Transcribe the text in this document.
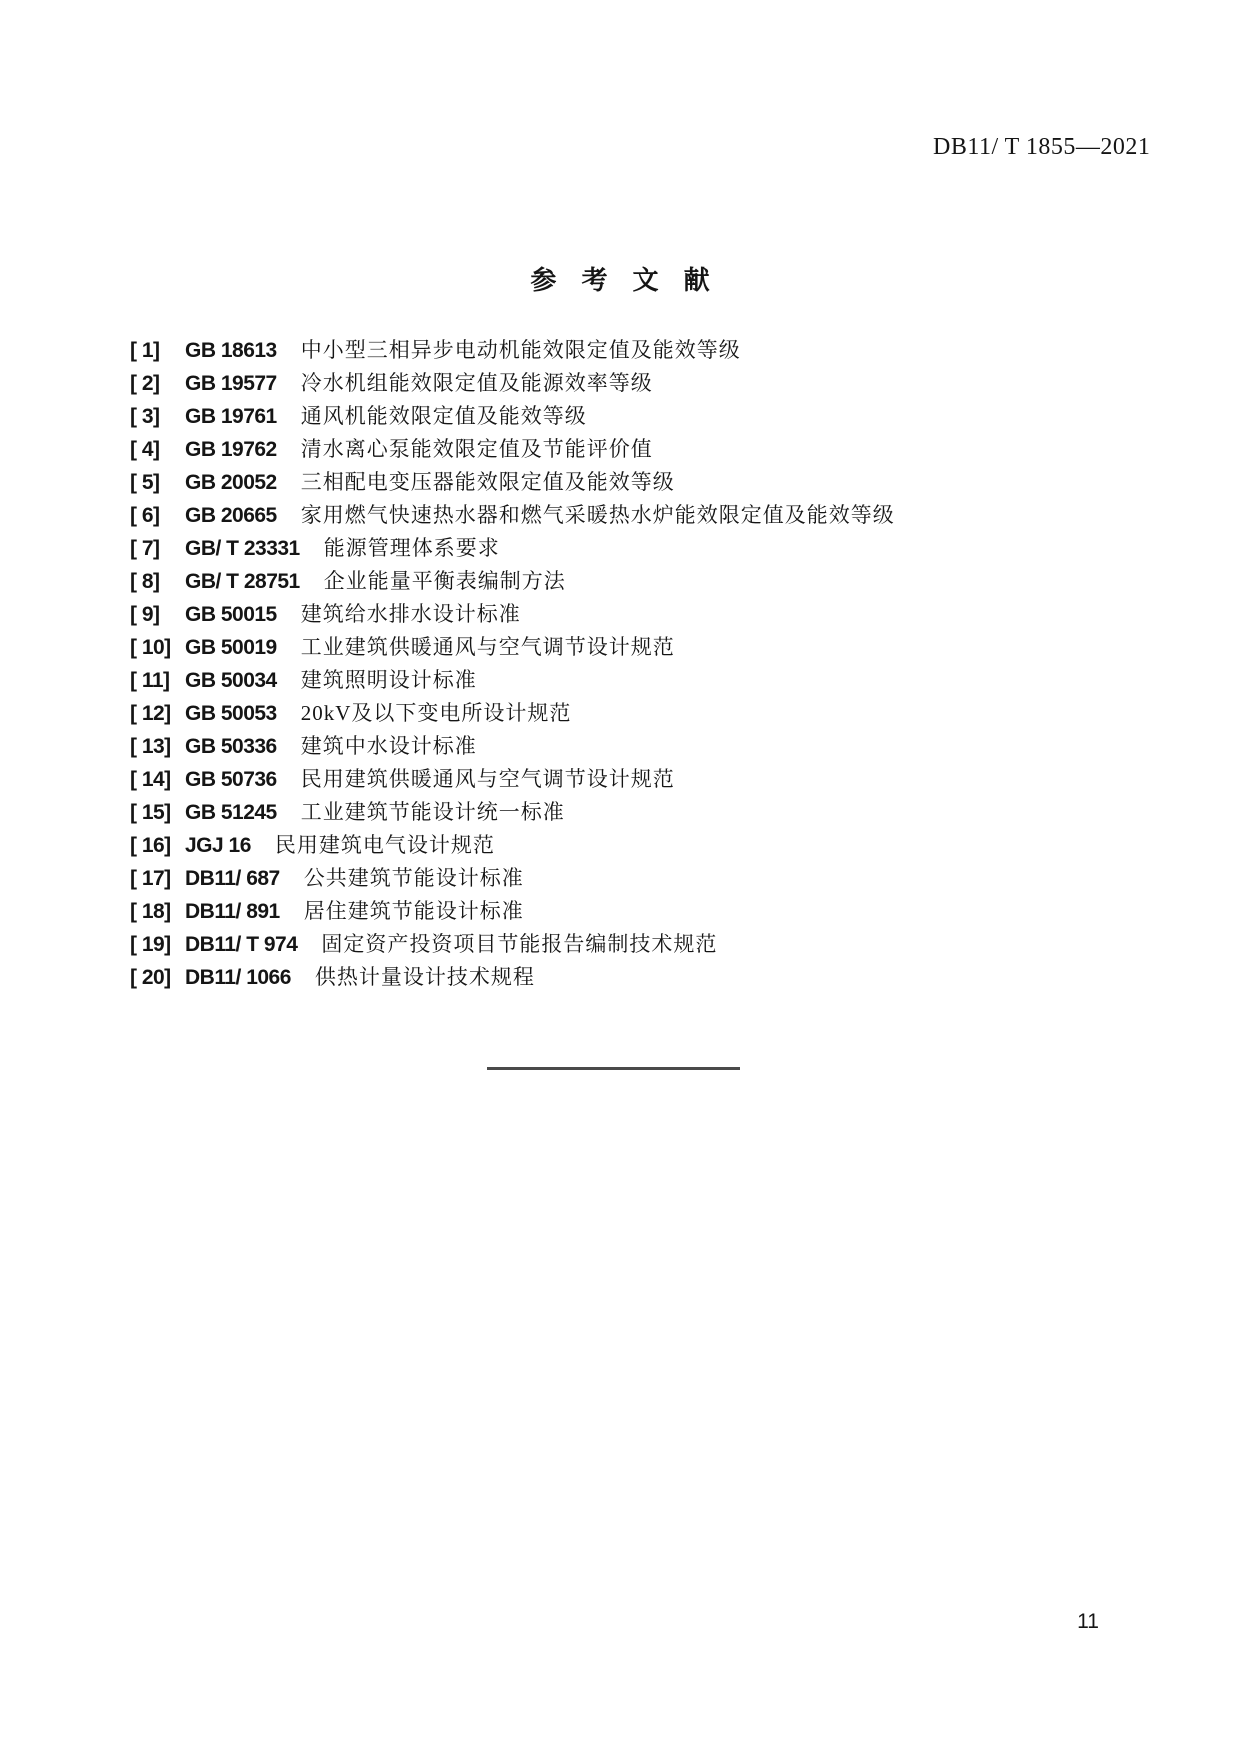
DB11/ T 1855—2021
参 考 文 献
[ 1] GB 18613 中小型三相异步电动机能效限定值及能效等级
[ 2] GB 19577 冷水机组能效限定值及能源效率等级
[ 3] GB 19761 通风机能效限定值及能效等级
[ 4] GB 19762 清水离心泵能效限定值及节能评价值
[ 5] GB 20052 三相配电变压器能效限定值及能效等级
[ 6] GB 20665 家用燃气快速热水器和燃气采暖热水炉能效限定值及能效等级
[ 7] GB/ T 23331 能源管理体系要求
[ 8] GB/ T 28751 企业能量平衡表编制方法
[ 9] GB 50015 建筑给水排水设计标准
[ 10] GB 50019 工业建筑供暖通风与空气调节设计规范
[ 11] GB 50034 建筑照明设计标准
[ 12] GB 50053 20kV及以下变电所设计规范
[ 13] GB 50336 建筑中水设计标准
[ 14] GB 50736 民用建筑供暖通风与空气调节设计规范
[ 15] GB 51245 工业建筑节能设计统一标准
[ 16] JGJ 16 民用建筑电气设计规范
[ 17] DB11/ 687 公共建筑节能设计标准
[ 18] DB11/ 891 居住建筑节能设计标准
[ 19] DB11/ T 974 固定资产投资项目节能报告编制技术规范
[ 20] DB11/ 1066 供热计量设计技术规程
11
